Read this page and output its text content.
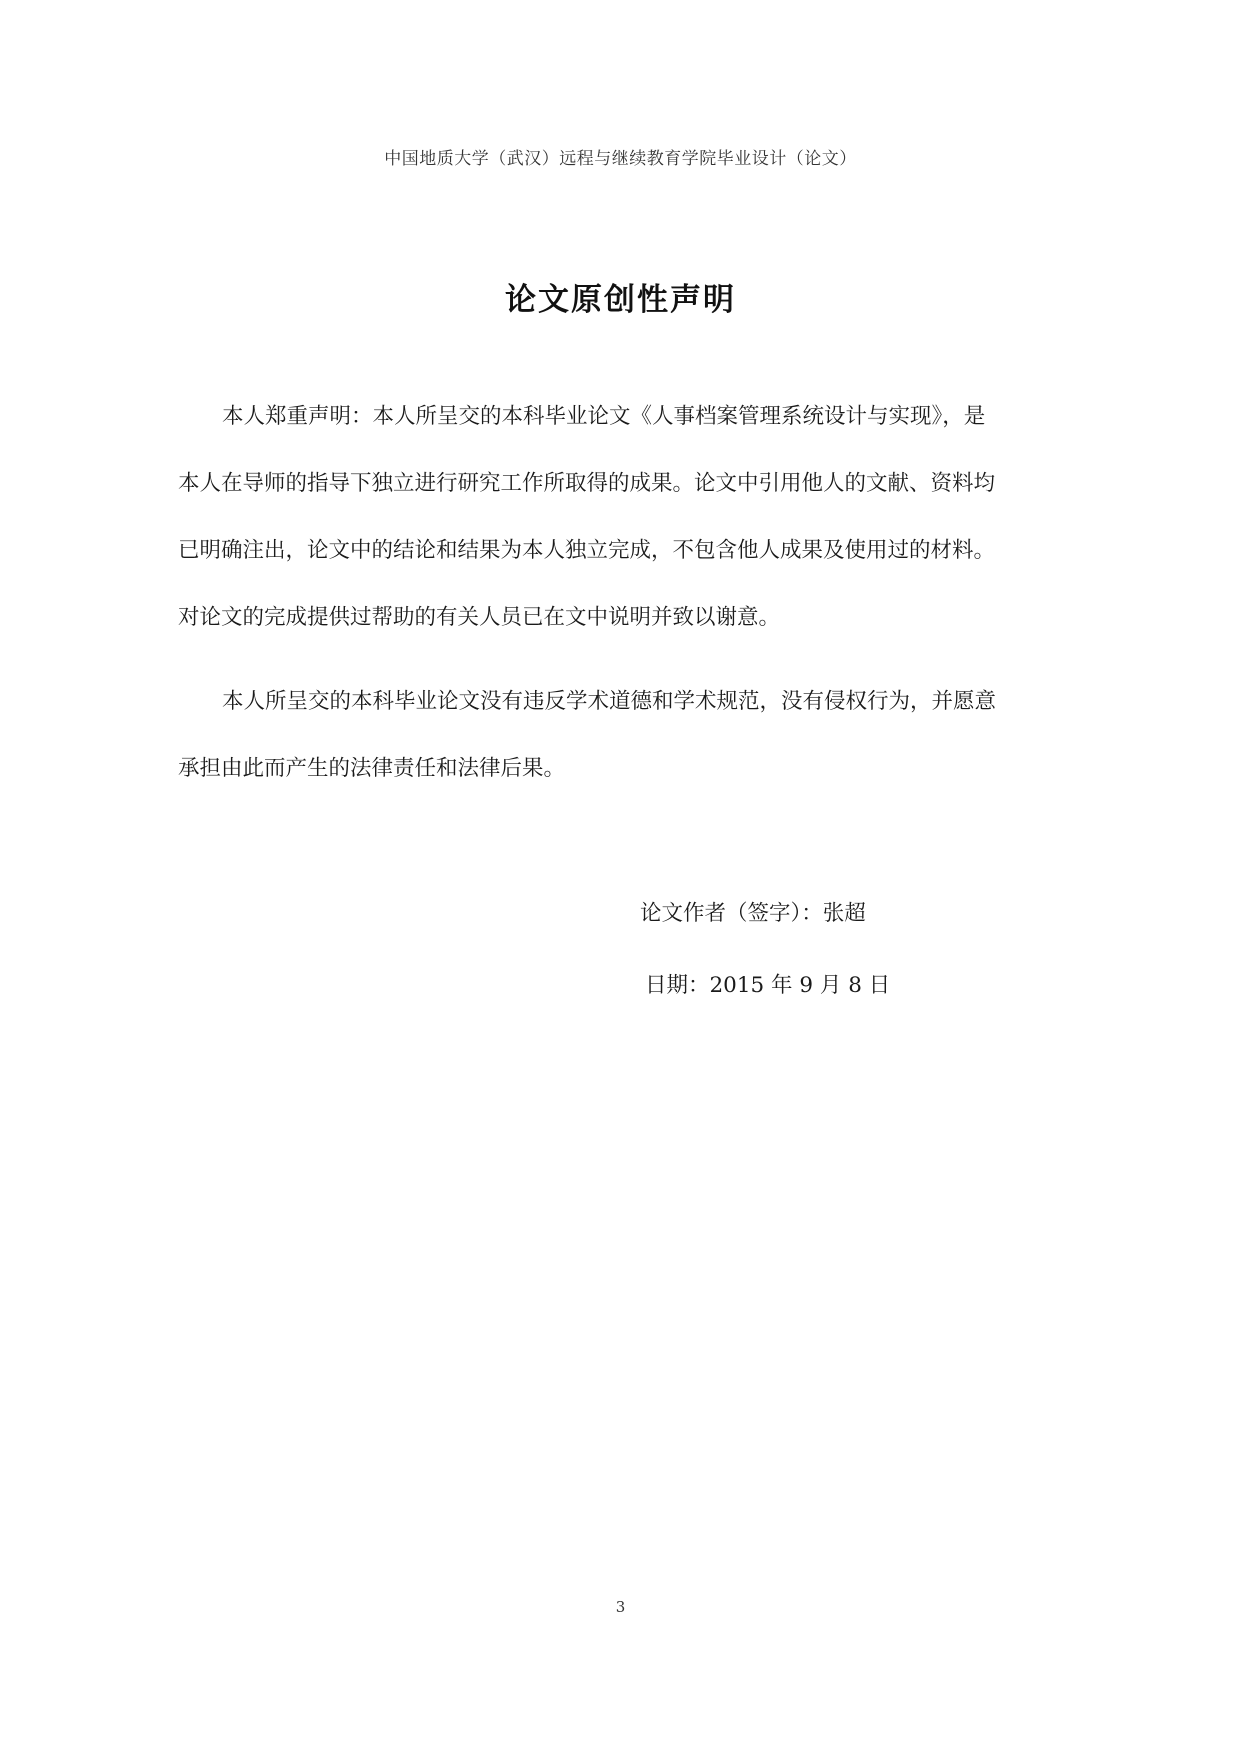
中国地质大学（武汉）远程与继续教育学院毕业设计（论文）
论文原创性声明
本人郑重声明：本人所呈交的本科毕业论文《人事档案管理系统设计与实现》，是
本人在导师的指导下独立进行研究工作所取得的成果。论文中引用他人的文献、资料均
已明确注出，论文中的结论和结果为本人独立完成，不包含他人成果及使用过的材料。
对论文的完成提供过帮助的有关人员已在文中说明并致以谢意。
本人所呈交的本科毕业论文没有违反学术道德和学术规范，没有侵权行为，并愿意
承担由此而产生的法律责任和法律后果。
论文作者（签字）：张超
日期：2015 年 9 月 8 日
3
